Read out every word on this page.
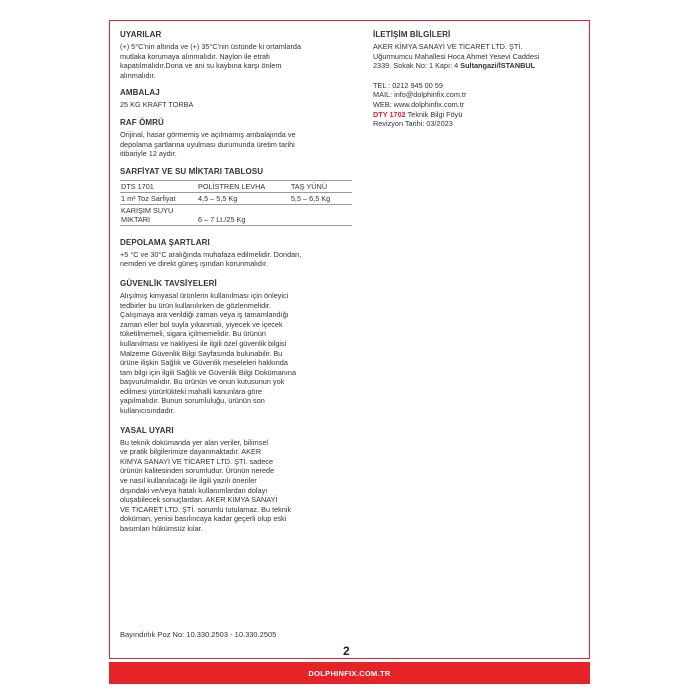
UYARILAR
(+) 5°C'nin altında ve (+) 35°C'nin üstünde ki ortamlarda
mutlaka korumaya alınmalıdır. Naylon ile etrafı
kapatılmalıdır.Dona ve ani su kaybına karşı önlem
alınmalıdır.
AMBALAJ
25 KG KRAFT TORBA
RAF ÖMRÜ
Orijinal, hasar görmemiş ve açılmamış ambalajında ve
depolama şartlarına uyulması durumunda üretim tarihi
itibariyle 12 aydır.
SARFİYAT VE SU MİKTARI TABLOSU
DTS 1701	POLİSTREN LEVHA	TAŞ YÜNÜ
1 m² Toz Sarfiyat	4,5 – 5,5 Kg	5,5 – 6,5 Kg
KARIŞIM SUYU
MİKTARI	6 – 7 Lt./25 Kg	
DEPOLAMA ŞARTLARI
+5 °C ve 30°C aralığında muhafaza edilmelidir. Dondan,
nemden ve direkt güneş ışından korunmalıdır.
GÜVENLİK TAVSİYELERİ
Alışılmış kimyasal ürünlerin kullanılması için önleyici
tedbirler bu ürün kullanılırken de gözlenmelidir.
Çalışmaya ara verildiği zaman veya iş tamamlandığı
zaman eller bol suyla yıkanmalı, yiyecek ve içecek
tüketilmemeli, sigara içilmemelidir. Bu ürünün
kullanılması ve nakliyesi ile ilgili özel güvenlik bilgisi
Malzeme Güvenlik Bilgi Sayfasında bulunabilir. Bu
ürüne ilişkin Sağlık ve Güvenlik meseleleri hakkında
tam bilgi için ilgili Sağlık ve Güvenlik Bilgi Dokümanına
başvurulmalıdır. Bu ürünün ve onun kutusunun yok
edilmesi yürürlükteki mahalli kanunlara göre
yapılmalıdır. Bunun sorumluluğu, ürünün son
kullanıcısındadır.
YASAL UYARI
Bu teknik dokümanda yer alan veriler, bilimsel
ve pratik bilgilerimize dayanmaktadır. AKER
KİMYA SANAYİ VE TİCARET LTD. ŞTİ. sadece
ürünün kalitesinden sorumludur. Ürünün nerede
ve nasıl kullanılacağı ile ilgili yazılı öneriler
dışındaki ve/veya hatalı kullanımlardan dolayı
oluşabilecek sonuçlardan. AKER KİMYA SANAYİ
VE TİCARET LTD. ŞTİ. sorumlu tutulamaz. Bu teknik
doküman, yenisi basılıncaya kadar geçerli olup eski
basımları hükümsüz kılar.
İLETİŞİM BİLGİLERİ
AKER KİMYA SANAYİ VE TİCARET LTD. ŞTİ.
Uğurmumcu Mahallesi Hoca Ahmet Yesevi Caddesi
2339. Sokak No: 1 Kapı: 4 Sultangazi/İSTANBUL
TEL : 0212 945 00 59
MAIL: info@dolphinfix.com.tr
WEB: www.dolphinfix.com.tr
DTY 1702 Teknik Bilgi Föyü
Revizyon Tarihi: 03/2023
Bayındırlık Poz No: 10.330.2503 - 10.330.2505
2
DOLPHINFIX.COM.TR
